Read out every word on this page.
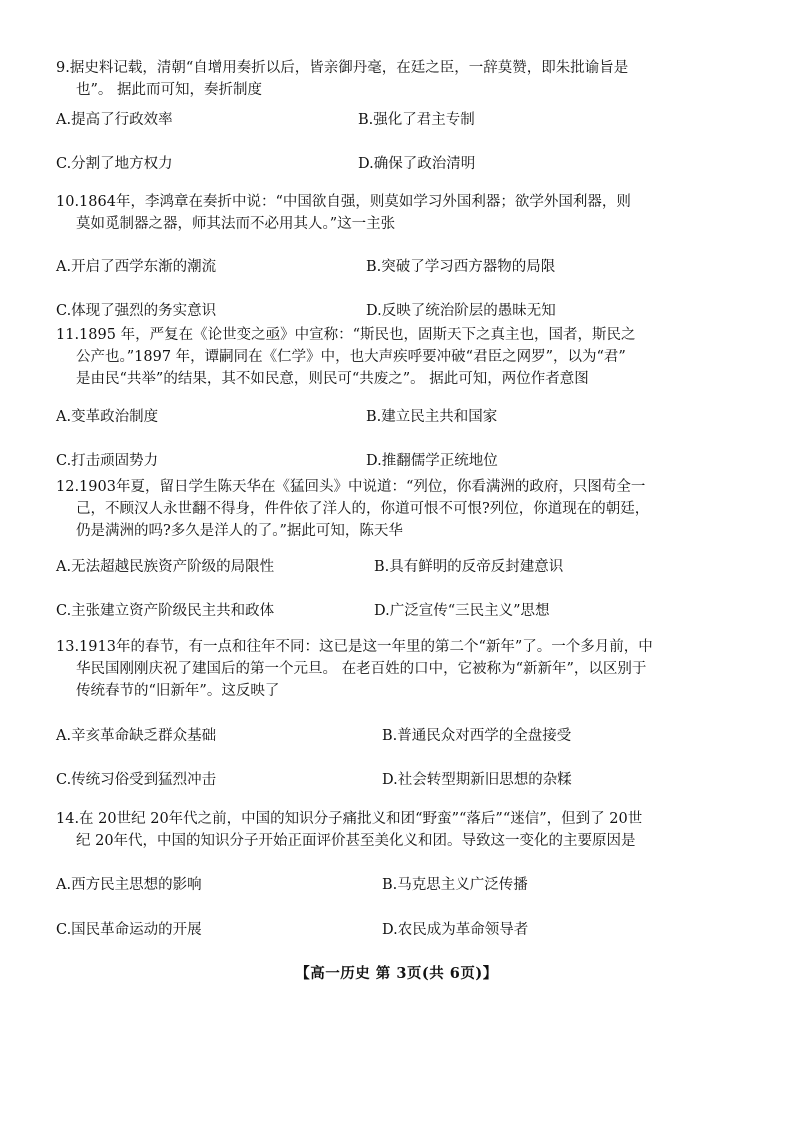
9.据史料记载，清朝“自增用奏折以后，皆亲御丹毫，在廷之臣，一辞莫赞，即朱批谕旨是
也”。 据此而可知，奏折制度
A.提高了行政效率	B.强化了君主专制
C.分割了地方权力	D.确保了政治清明
10.1864年，李鸿章在奏折中说：“中国欲自强，则莫如学习外国利器；欲学外国利器，则
莫如觅制器之器，师其法而不必用其人。”这一主张
A.开启了西学东渐的潮流	B.突破了学习西方器物的局限
C.体现了强烈的务实意识	D.反映了统治阶层的愚昧无知
11.1895 年，严复在《论世变之亟》中宣称：“斯民也，固斯天下之真主也，国者，斯民之
公产也。”1897 年，谭嗣同在《仁学》中，也大声疾呼要冲破“君臣之网罗”，以为“君”
是由民“共举”的结果，其不如民意，则民可“共废之”。 据此可知，两位作者意图
A.变革政治制度	B.建立民主共和国家
C.打击顽固势力	D.推翻儒学正统地位
12.1903年夏，留日学生陈天华在《猛回头》中说道：“列位，你看满洲的政府，只图苟全一
己，不顾汉人永世翻不得身，件件依了洋人的，你道可恨不可恨?列位，你道现在的朝廷，
仍是满洲的吗?多久是洋人的了。”据此可知，陈天华
A.无法超越民族资产阶级的局限性	B.具有鲜明的反帝反封建意识
C.主张建立资产阶级民主共和政体	D.广泛宣传“三民主义”思想
13.1913年的春节，有一点和往年不同：这已是这一年里的第二个“新年”了。一个多月前，中
华民国刚刚庆祝了建国后的第一个元旦。 在老百姓的口中，它被称为“新新年”，以区别于
传统春节的“旧新年”。这反映了
A.辛亥革命缺乏群众基础	B.普通民众对西学的全盘接受
C.传统习俗受到猛烈冲击	D.社会转型期新旧思想的杂糅
14.在 20世纪 20年代之前，中国的知识分子痛批义和团“野蛮”“落后”“迷信”，但到了 20世
纪 20年代，中国的知识分子开始正面评价甚至美化义和团。导致这一变化的主要原因是
A.西方民主思想的影响	B.马克思主义广泛传播
C.国民革命运动的开展	D.农民成为革命领导者
【高一历史 第 3页(共 6页)】
